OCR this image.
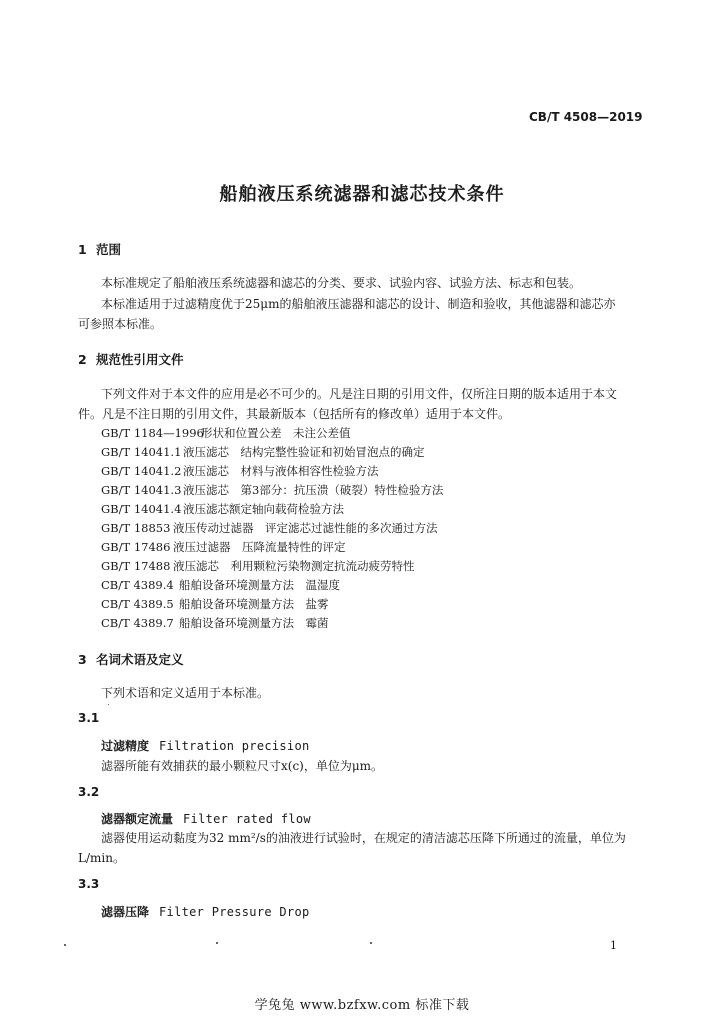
CB/T 4508—2019
船舶液压系统滤器和滤芯技术条件
1 范围
本标准规定了船舶液压系统滤器和滤芯的分类、要求、试验内容、试验方法、标志和包装。
本标准适用于过滤精度优于25μm的船舶液压滤器和滤芯的设计、制造和验收，其他滤器和滤芯亦
可参照本标准。
2 规范性引用文件
下列文件对于本文件的应用是必不可少的。凡是注日期的引用文件，仅所注日期的版本适用于本文
件。凡是不注日期的引用文件，其最新版本（包括所有的修改单）适用于本文件。
GB/T 1184—1996形状和位置公差　未注公差值
GB/T 14041.1 液压滤芯　结构完整性验证和初始冒泡点的确定
GB/T 14041.2 液压滤芯　材料与液体相容性检验方法
GB/T 14041.3 液压滤芯　第3部分：抗压溃（破裂）特性检验方法
GB/T 14041.4 液压滤芯额定轴向载荷检验方法
GB/T 18853 液压传动过滤器　评定滤芯过滤性能的多次通过方法
GB/T 17486 液压过滤器　压降流量特性的评定
GB/T 17488 液压滤芯　利用颗粒污染物测定抗流动疲劳特性
CB/T 4389.4 船舶设备环境测量方法　温湿度
CB/T 4389.5 船舶设备环境测量方法　盐雾
CB/T 4389.7 船舶设备环境测量方法　霉菌
3 名词术语及定义
下列术语和定义适用于本标准。
3.1
过滤精度 Filtration precision
滤器所能有效捕获的最小颗粒尺寸x(c)，单位为μm。
3.2
滤器额定流量 Filter rated flow
滤器使用运动黏度为32 mm²/s的油液进行试验时，在规定的清洁滤芯压降下所通过的流量，单位为
L/min。
3.3
滤器压降 Filter Pressure Drop
1
学兔兔 www.bzfxw.com 标准下载
